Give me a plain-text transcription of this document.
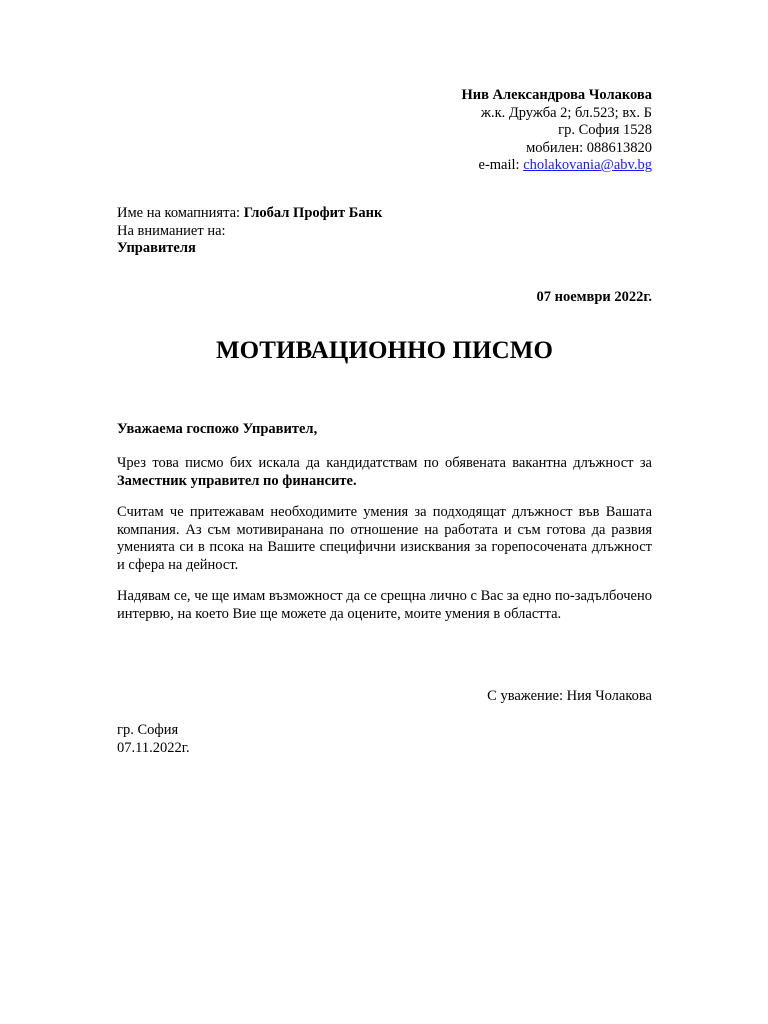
Нив Александрова Чолакова
ж.к. Дружба 2; бл.523; вх. Б
гр. София 1528
мобилен: 088613820
e-mail: cholakovania@abv.bg
Име на комапнията: Глобал Профит Банк
На вниманиет на:
Управителя
07 ноември 2022г.
МОТИВАЦИОННО ПИСМО
Уважаема госпожо Управител,
Чрез това писмо бих искала да кандидатствам по обявената вакантна длъжност за Заместник управител по финансите.
Считам че притежавам необходимите умения за подходящат длъжност във Вашата компания. Аз съм мотивиранана по отношение на работата и съм готова да развия уменията си в псока на Вашите специфични изисквания за горепосочената длъжност и сфера на дейност.
Надявам се, че ще имам възможност да се срещна лично с Вас за едно по-задълбочено интервю, на което Вие ще можете да оцените, моите умения в областта.
С уважение: Ния Чолакова
гр. София
07.11.2022г.
